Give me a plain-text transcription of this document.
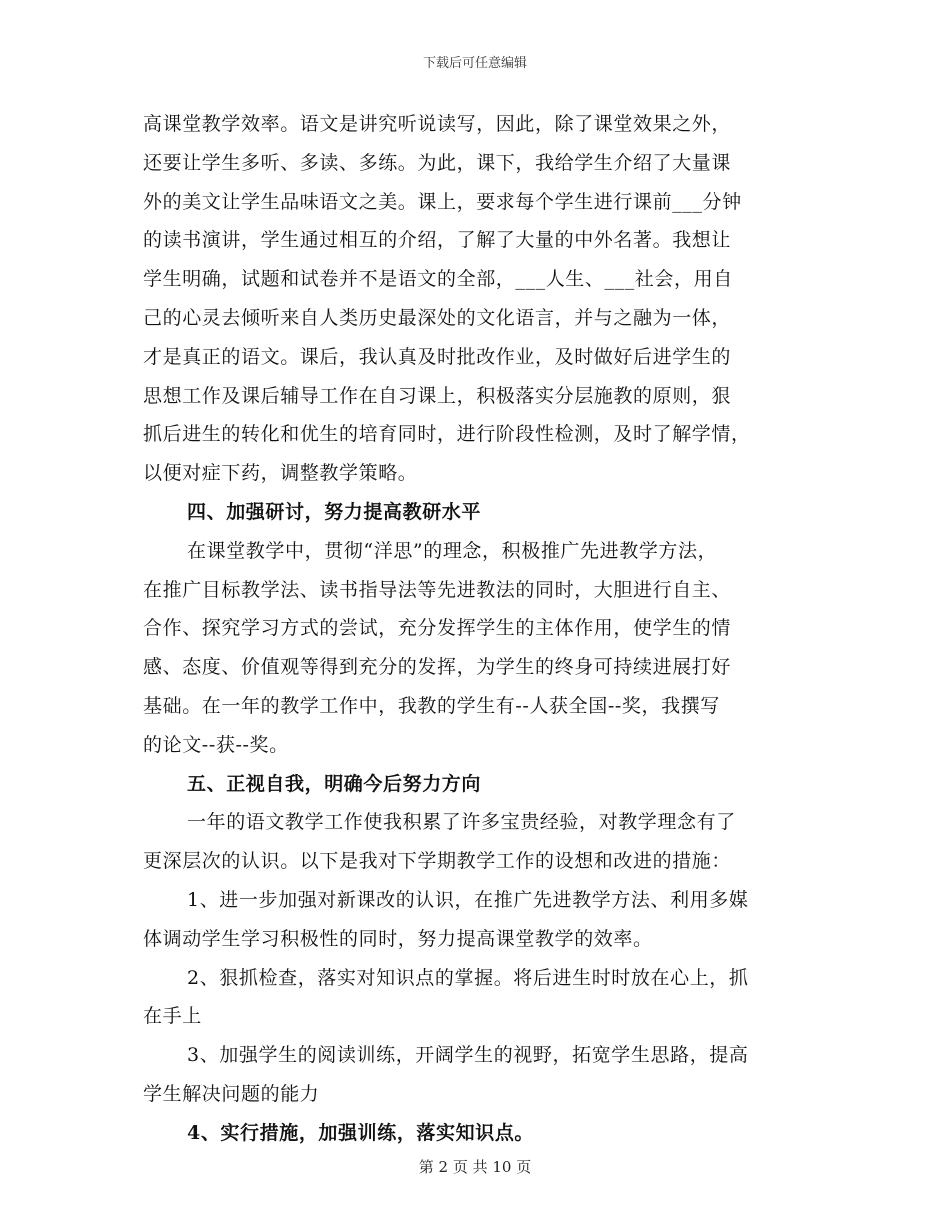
下载后可任意编辑
高课堂教学效率。语文是讲究听说读写，因此，除了课堂效果之外，
还要让学生多听、多读、多练。为此，课下，我给学生介绍了大量课
外的美文让学生品味语文之美。课上，要求每个学生进行课前___分钟
的读书演讲，学生通过相互的介绍，了解了大量的中外名著。我想让
学生明确，试题和试卷并不是语文的全部，___人生、___社会，用自
己的心灵去倾听来自人类历史最深处的文化语言，并与之融为一体，
才是真正的语文。课后，我认真及时批改作业，及时做好后进学生的
思想工作及课后辅导工作在自习课上，积极落实分层施教的原则，狠
抓后进生的转化和优生的培育同时，进行阶段性检测，及时了解学情，
以便对症下药，调整教学策略。
四、加强研讨，努力提高教研水平
在课堂教学中，贯彻“洋思”的理念，积极推广先进教学方法，
在推广目标教学法、读书指导法等先进教法的同时，大胆进行自主、
合作、探究学习方式的尝试，充分发挥学生的主体作用，使学生的情
感、态度、价值观等得到充分的发挥，为学生的终身可持续进展打好
基础。在一年的教学工作中，我教的学生有--人获全国--奖，我撰写
的论文--获--奖。
五、正视自我，明确今后努力方向
一年的语文教学工作使我积累了许多宝贵经验，对教学理念有了
更深层次的认识。以下是我对下学期教学工作的设想和改进的措施：
1、进一步加强对新课改的认识，在推广先进教学方法、利用多媒
体调动学生学习积极性的同时，努力提高课堂教学的效率。
2、狠抓检查，落实对知识点的掌握。将后进生时时放在心上，抓
在手上
3、加强学生的阅读训练，开阔学生的视野，拓宽学生思路，提高
学生解决问题的能力
4、实行措施，加强训练，落实知识点。
第 2 页 共 10 页
